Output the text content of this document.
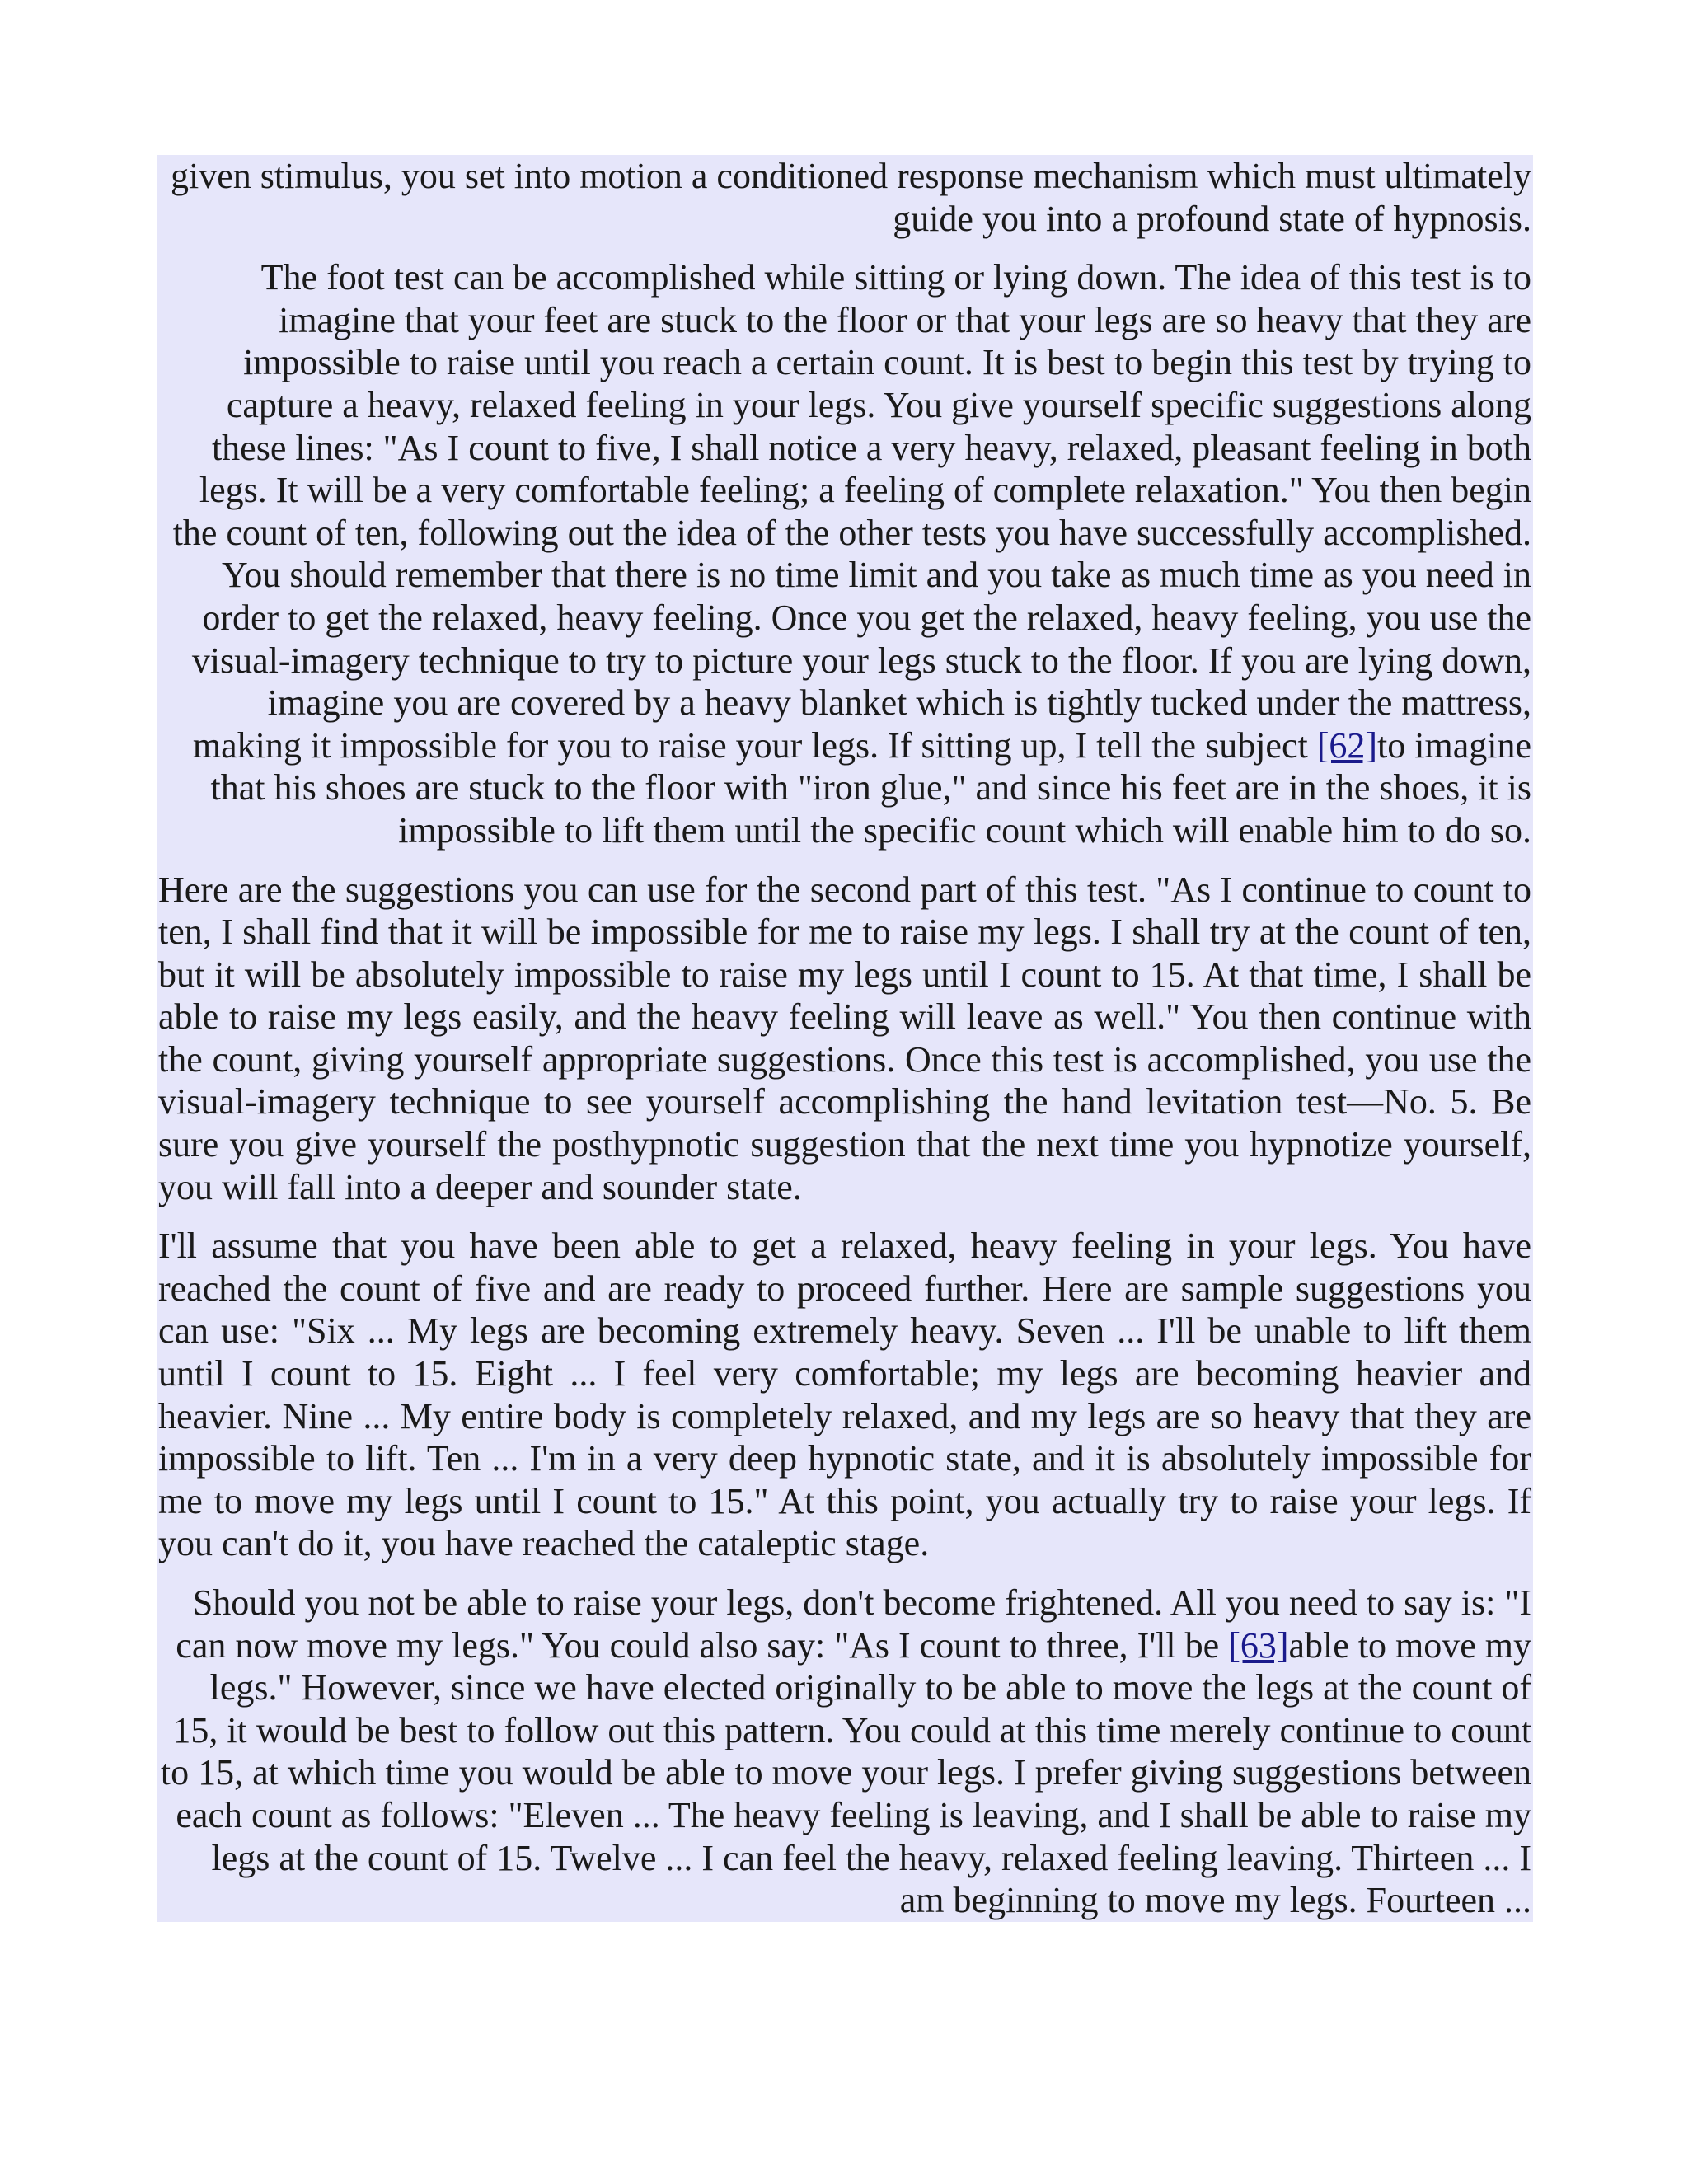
given stimulus, you set into motion a conditioned response mechanism which must ultimately guide you into a profound state of hypnosis.

The foot test can be accomplished while sitting or lying down. The idea of this test is to imagine that your feet are stuck to the floor or that your legs are so heavy that they are impossible to raise until you reach a certain count. It is best to begin this test by trying to capture a heavy, relaxed feeling in your legs. You give yourself specific suggestions along these lines: "As I count to five, I shall notice a very heavy, relaxed, pleasant feeling in both legs. It will be a very comfortable feeling; a feeling of complete relaxation." You then begin the count of ten, following out the idea of the other tests you have successfully accomplished. You should remember that there is no time limit and you take as much time as you need in order to get the relaxed, heavy feeling. Once you get the relaxed, heavy feeling, you use the visual-imagery technique to try to picture your legs stuck to the floor. If you are lying down, imagine you are covered by a heavy blanket which is tightly tucked under the mattress, making it impossible for you to raise your legs. If sitting up, I tell the subject [62]to imagine that his shoes are stuck to the floor with "iron glue," and since his feet are in the shoes, it is impossible to lift them until the specific count which will enable him to do so.

Here are the suggestions you can use for the second part of this test. "As I continue to count to ten, I shall find that it will be impossible for me to raise my legs. I shall try at the count of ten, but it will be absolutely impossible to raise my legs until I count to 15. At that time, I shall be able to raise my legs easily, and the heavy feeling will leave as well." You then continue with the count, giving yourself appropriate suggestions. Once this test is accomplished, you use the visual-imagery technique to see yourself accomplishing the hand levitation test—No. 5. Be sure you give yourself the posthypnotic suggestion that the next time you hypnotize yourself, you will fall into a deeper and sounder state.

I'll assume that you have been able to get a relaxed, heavy feeling in your legs. You have reached the count of five and are ready to proceed further. Here are sample suggestions you can use: "Six ... My legs are becoming extremely heavy. Seven ... I'll be unable to lift them until I count to 15. Eight ... I feel very comfortable; my legs are becoming heavier and heavier. Nine ... My entire body is completely relaxed, and my legs are so heavy that they are impossible to lift. Ten ... I'm in a very deep hypnotic state, and it is absolutely impossible for me to move my legs until I count to 15." At this point, you actually try to raise your legs. If you can't do it, you have reached the cataleptic stage.

Should you not be able to raise your legs, don't become frightened. All you need to say is: "I can now move my legs." You could also say: "As I count to three, I'll be [63]able to move my legs." However, since we have elected originally to be able to move the legs at the count of 15, it would be best to follow out this pattern. You could at this time merely continue to count to 15, at which time you would be able to move your legs. I prefer giving suggestions between each count as follows: "Eleven ... The heavy feeling is leaving, and I shall be able to raise my legs at the count of 15. Twelve ... I can feel the heavy, relaxed feeling leaving. Thirteen ... I am beginning to move my legs. Fourteen ...
